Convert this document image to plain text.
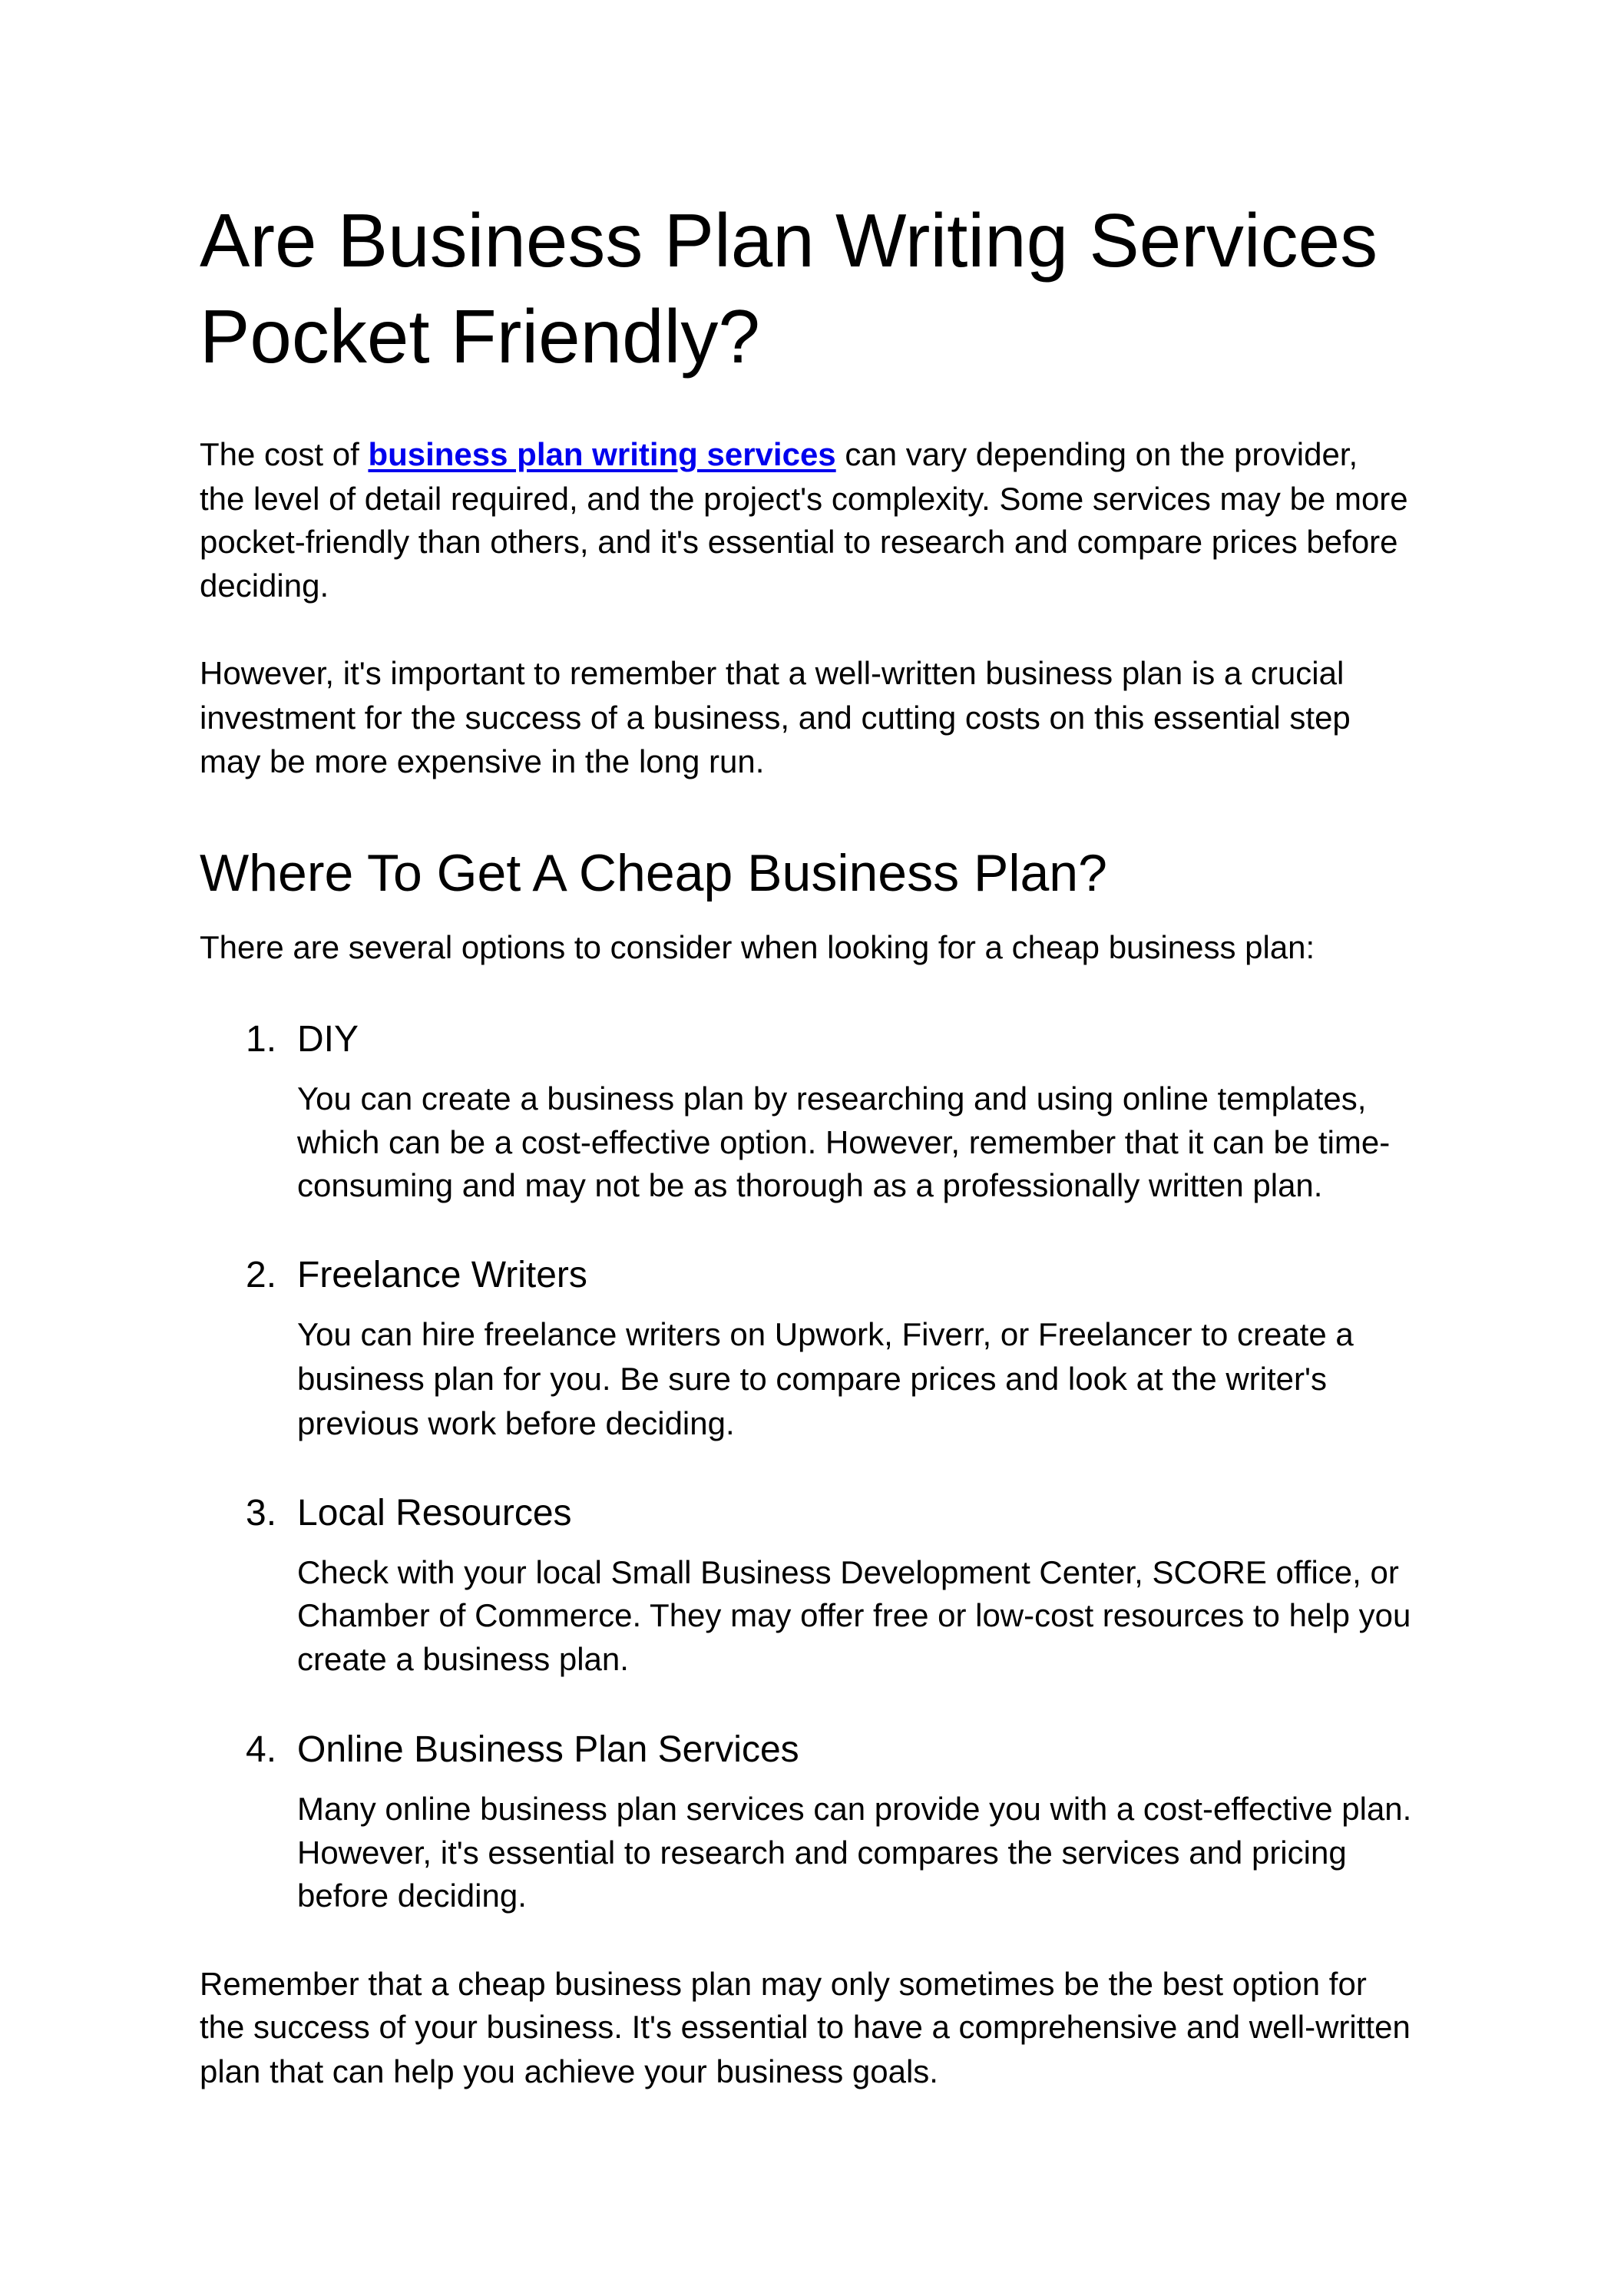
Are Business Plan Writing Services
Pocket Friendly?
The cost of business plan writing services can vary depending on the provider,
the level of detail required, and the project's complexity. Some services may be more
pocket-friendly than others, and it's essential to research and compare prices before
deciding.
However, it's important to remember that a well-written business plan is a crucial
investment for the success of a business, and cutting costs on this essential step
may be more expensive in the long run.
Where To Get A Cheap Business Plan?
There are several options to consider when looking for a cheap business plan:
1. DIY
You can create a business plan by researching and using online templates,
which can be a cost-effective option. However, remember that it can be time-
consuming and may not be as thorough as a professionally written plan.
2. Freelance Writers
You can hire freelance writers on Upwork, Fiverr, or Freelancer to create a
business plan for you. Be sure to compare prices and look at the writer's
previous work before deciding.
3. Local Resources
Check with your local Small Business Development Center, SCORE office, or
Chamber of Commerce. They may offer free or low-cost resources to help you
create a business plan.
4. Online Business Plan Services
Many online business plan services can provide you with a cost-effective plan.
However, it's essential to research and compares the services and pricing
before deciding.
Remember that a cheap business plan may only sometimes be the best option for
the success of your business. It's essential to have a comprehensive and well-written
plan that can help you achieve your business goals.
